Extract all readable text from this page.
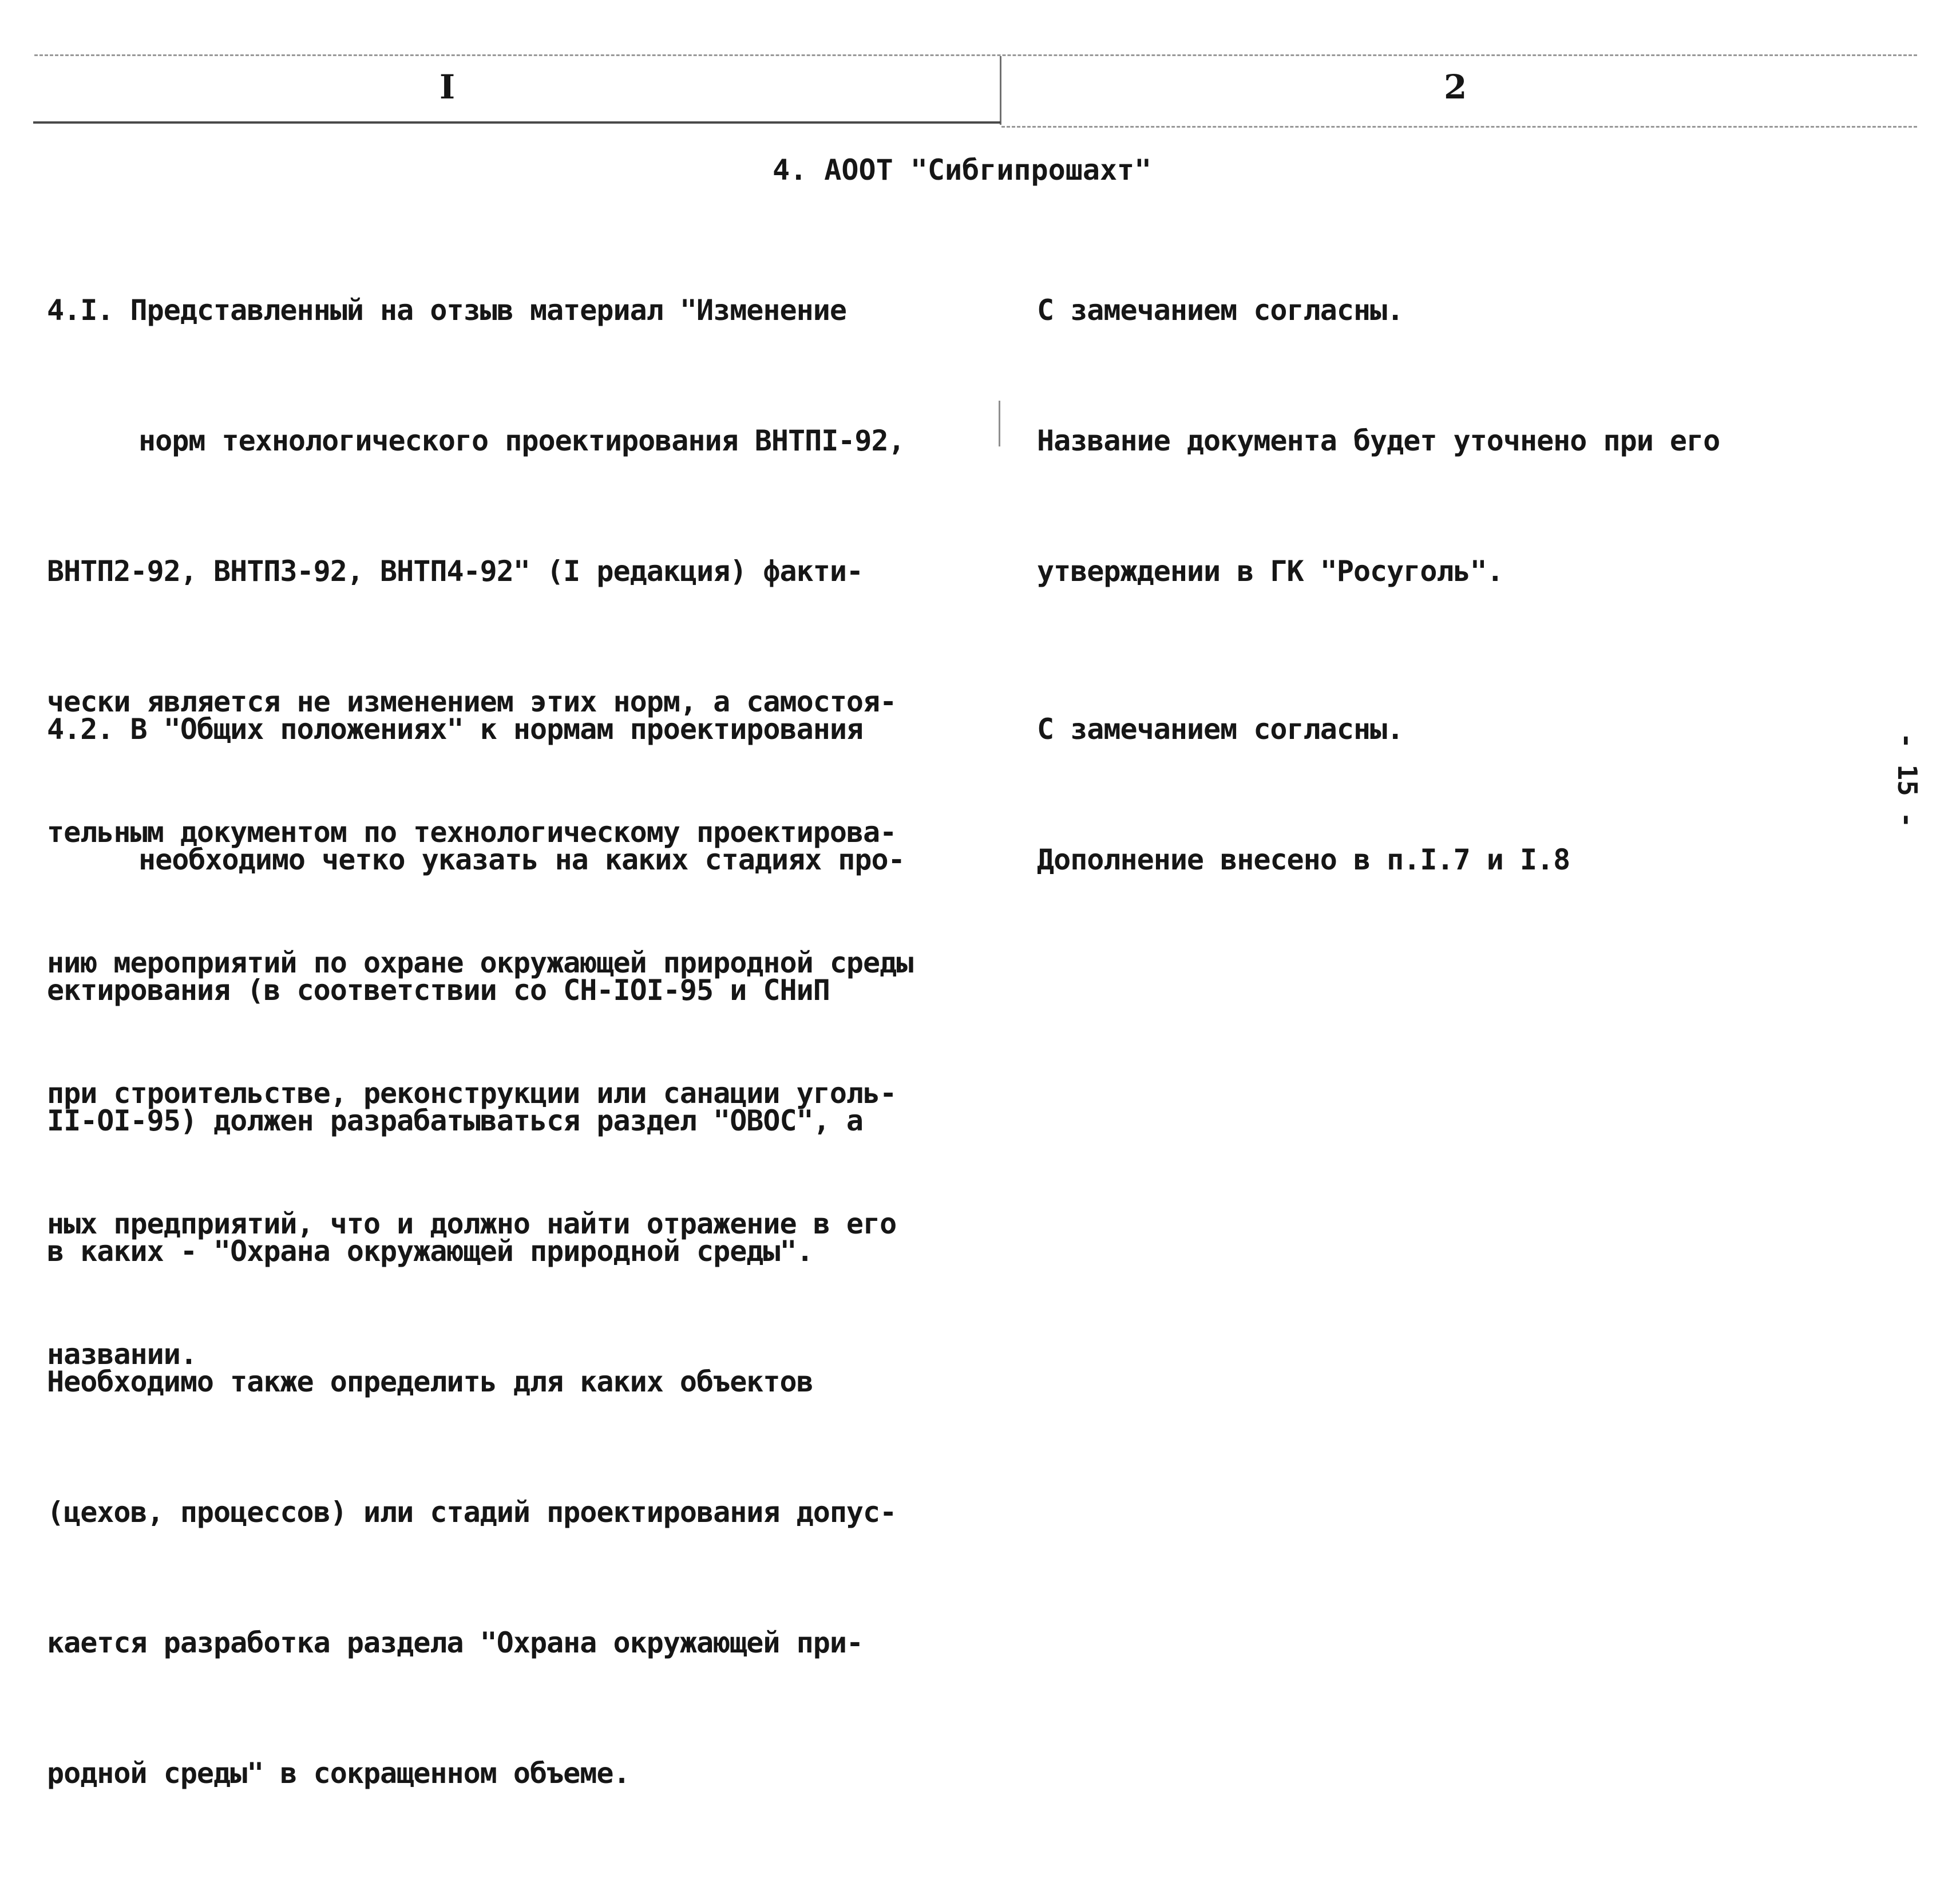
I	2
4. АООТ "Сибгипрошахт"

4.I. Представленный на отзыв материал "Изменение

норм технологического проектирования ВНТПI-92,

ВНТП2-92, ВНТП3-92, ВНТП4-92" (I редакция) факти-

чески является не изменением этих норм, а самостоя-

тельным документом по технологическому проектирова-

нию мероприятий по охране окружающей природной среды

при строительстве, реконструкции или санации уголь-

ных предприятий, что и должно найти отражение в его

названии.

С замечанием согласны.

Название документа будет уточнено при его

утверждении в ГК "Росуголь".

4.2. В "Общих положениях" к нормам проектирования

необходимо четко указать на каких стадиях про-

ектирования (в соответствии со СН-IOI-95 и СНиП

II-OI-95) должен разрабатываться раздел "ОВОС", а

в каких - "Охрана окружающей природной среды".

Необходимо также определить для каких объектов

(цехов, процессов) или стадий проектирования допус-

кается разработка раздела "Охрана окружающей при-

родной среды" в сокращенном объеме.

С замечанием согласны.

Дополнение внесено в п.I.7 и I.8

- 15 -
